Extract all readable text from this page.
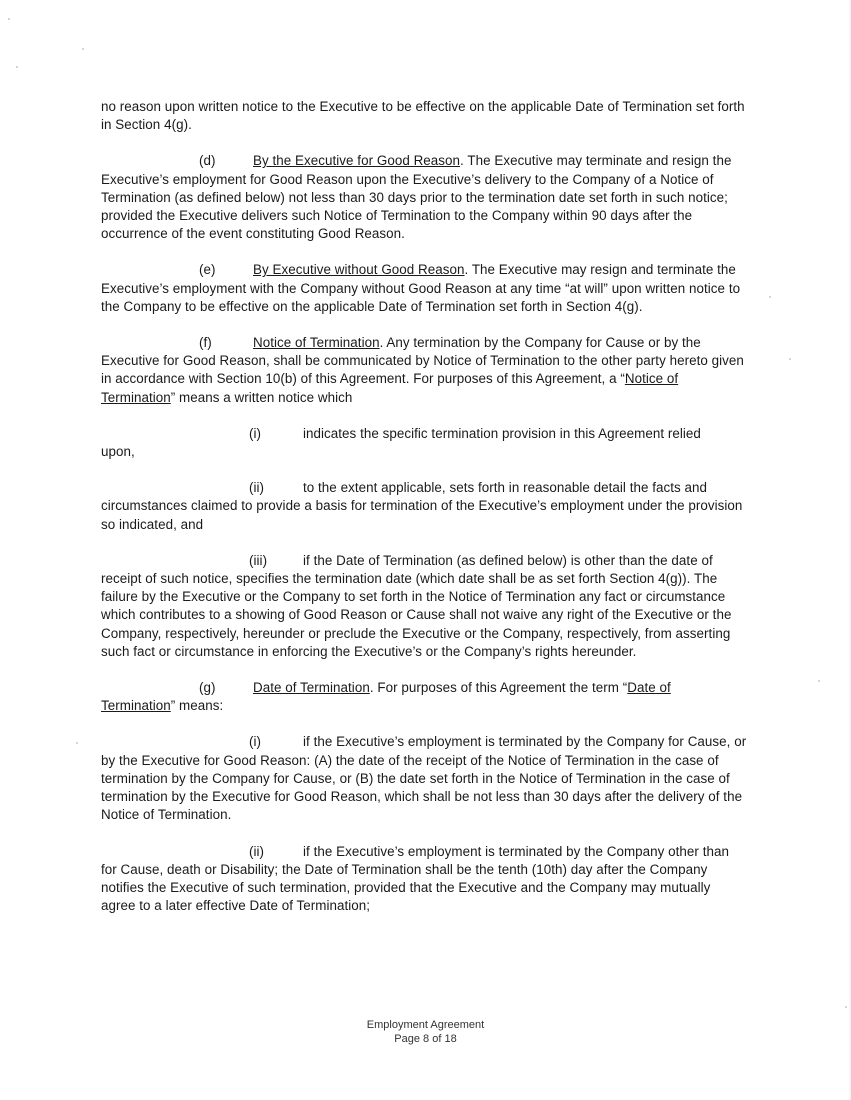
no reason upon written notice to the Executive to be effective on the applicable Date of Termination set forth in Section 4(g).

(d)	By the Executive for Good Reason. The Executive may terminate and resign the Executive’s employment for Good Reason upon the Executive’s delivery to the Company of a Notice of Termination (as defined below) not less than 30 days prior to the termination date set forth in such notice; provided the Executive delivers such Notice of Termination to the Company within 90 days after the occurrence of the event constituting Good Reason.

(e)	By Executive without Good Reason. The Executive may resign and terminate the Executive’s employment with the Company without Good Reason at any time “at will” upon written notice to the Company to be effective on the applicable Date of Termination set forth in Section 4(g).

(f)	Notice of Termination. Any termination by the Company for Cause or by the Executive for Good Reason, shall be communicated by Notice of Termination to the other party hereto given in accordance with Section 10(b) of this Agreement. For purposes of this Agreement, a “Notice of Termination” means a written notice which

(i)	indicates the specific termination provision in this Agreement relied
upon,

(ii)	to the extent applicable, sets forth in reasonable detail the facts and circumstances claimed to provide a basis for termination of the Executive’s employment under the provision so indicated, and

(iii)	if the Date of Termination (as defined below) is other than the date of receipt of such notice, specifies the termination date (which date shall be as set forth Section 4(g)). The failure by the Executive or the Company to set forth in the Notice of Termination any fact or circumstance which contributes to a showing of Good Reason or Cause shall not waive any right of the Executive or the Company, respectively, hereunder or preclude the Executive or the Company, respectively, from asserting such fact or circumstance in enforcing the Executive’s or the Company’s rights hereunder.

(g)	Date of Termination. For purposes of this Agreement the term “Date of Termination” means:

(i)	if the Executive’s employment is terminated by the Company for Cause, or by the Executive for Good Reason: (A) the date of the receipt of the Notice of Termination in the case of termination by the Company for Cause, or (B) the date set forth in the Notice of Termination in the case of termination by the Executive for Good Reason, which shall be not less than 30 days after the delivery of the Notice of Termination.

(ii)	if the Executive’s employment is terminated by the Company other than for Cause, death or Disability; the Date of Termination shall be the tenth (10th) day after the Company notifies the Executive of such termination, provided that the Executive and the Company may mutually agree to a later effective Date of Termination;

Employment Agreement
Page 8 of 18
